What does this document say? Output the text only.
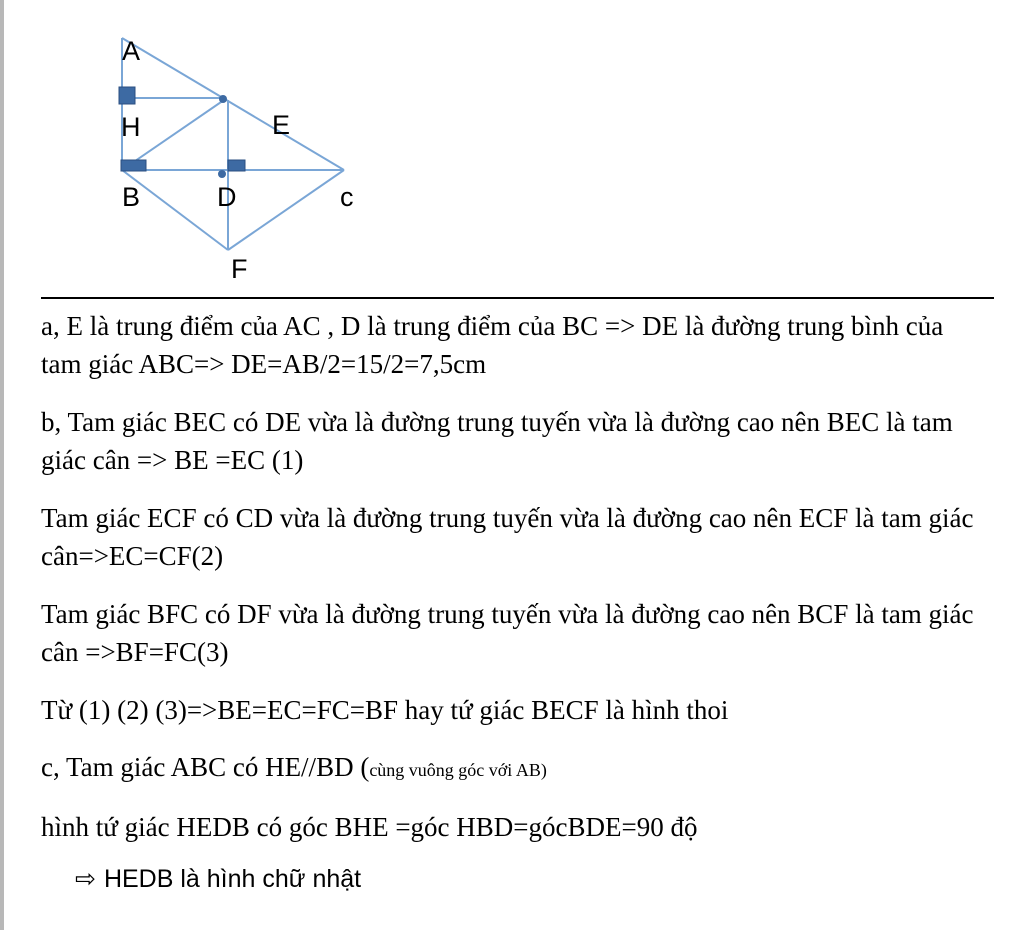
A
H	E
B	D	c
F

a, E là trung điểm của AC , D là trung điểm của BC => DE là đường trung bình của tam giác ABC=> DE=AB/2=15/2=7,5cm

b, Tam giác BEC có DE vừa là đường trung tuyến vừa là đường cao nên BEC là tam giác cân => BE =EC (1)

Tam giác ECF có CD vừa là đường trung tuyến vừa là đường cao nên ECF là tam giác cân=>EC=CF(2)

Tam giác BFC có DF vừa là đường trung tuyến vừa là đường cao nên BCF là tam giác cân =>BF=FC(3)

Từ (1) (2) (3)=>BE=EC=FC=BF hay tứ giác BECF là hình thoi

c, Tam giác ABC có HE//BD (cùng vuông góc với AB)

hình tứ giác HEDB có góc BHE =góc HBD=gócBDE=90 độ

⇨ HEDB là hình chữ nhật
